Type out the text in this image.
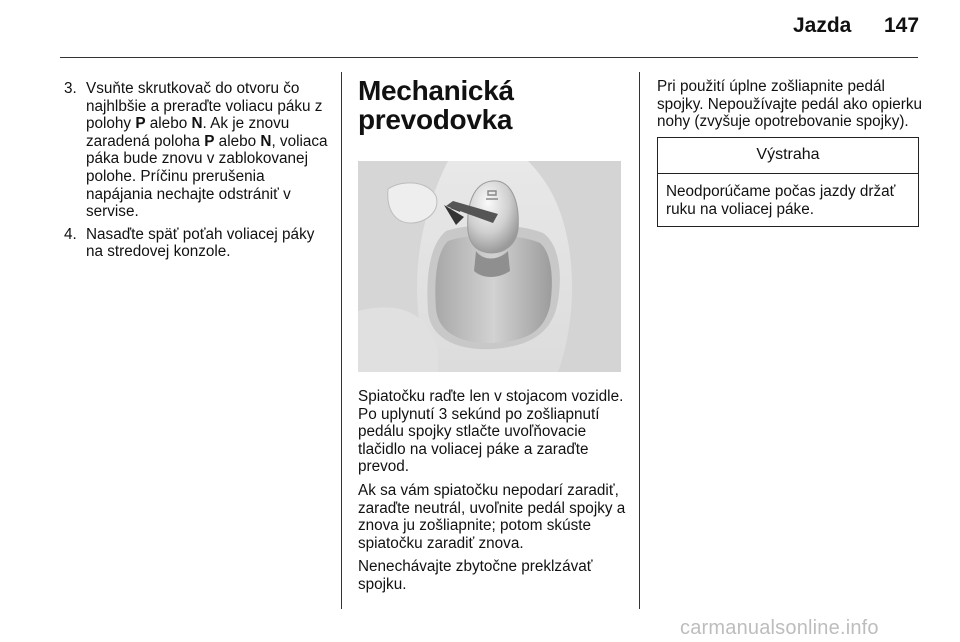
Jazda 147
3. Vsuňte skrutkovač do otvoru čo najhlbšie a preraďte voliacu páku z polohy P alebo N. Ak je znovu zaradená poloha P alebo N, voliaca páka bude znovu v zablokovanej polohe. Príčinu prerušenia napájania nechajte odstrániť v servise.
4. Nasaďte späť poťah voliacej páky na stredovej konzole.
Mechanická
prevodovka

Spiatočku raďte len v stojacom vozidle. Po uplynutí 3 sekúnd po zošliapnutí pedálu spojky stlačte uvoľňovacie tlačidlo na voliacej páke a zaraďte prevod.

Ak sa vám spiatočku nepodarí zaradiť, zaraďte neutrál, uvoľnite pedál spojky a znova ju zošliapnite; potom skúste spiatočku zaradiť znova.

Nenechávajte zbytočne preklzávať spojku.

Pri použití úplne zošliapnite pedál spojky. Nepoužívajte pedál ako opierku nohy (zvyšuje opotrebovanie spojky).

Výstraha
Neodporúčame počas jazdy držať ruku na voliacej páke.
carmanualsonline.info
